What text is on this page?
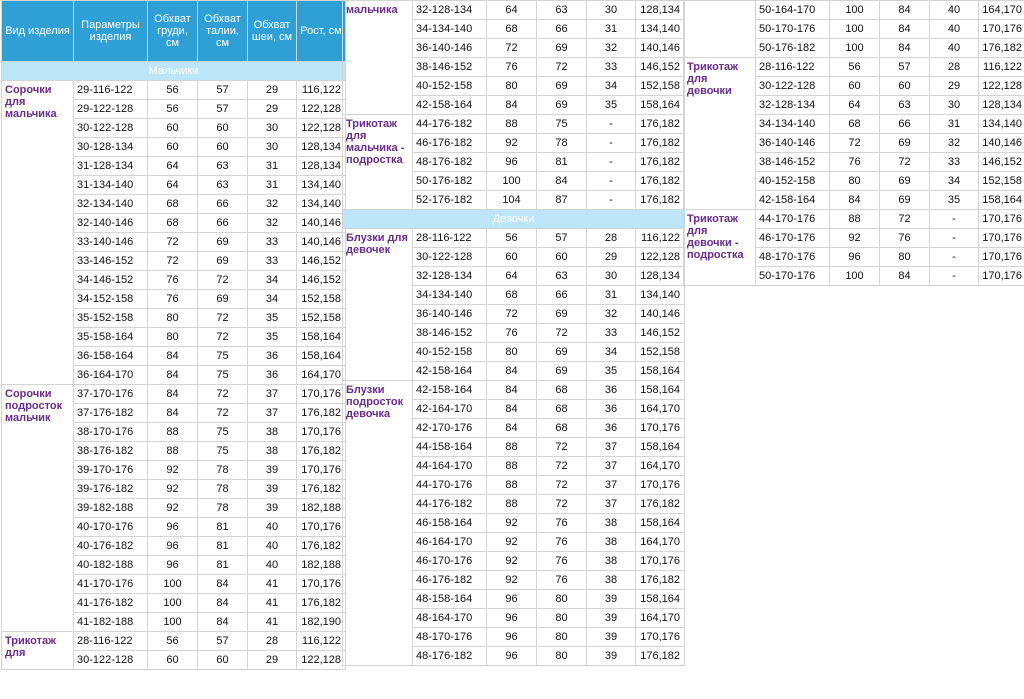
Вид изделия	Параметры изделия	Обхват груди, см	Обхват талии, см	Обхват шеи, см	Рост, см
Мальчики					
Сорочки для мальчика	29-116-122	56	57	29	116,122
	29-122-128	56	57	29	122,128
	30-122-128	60	60	30	122,128
	30-128-134	60	60	30	128,134
	31-128-134	64	63	31	128,134
	31-134-140	64	63	31	134,140
	32-134-140	68	66	32	134,140
	32-140-146	68	66	32	140,146
	33-140-146	72	69	33	140,146
	33-146-152	72	69	33	146,152
	34-146-152	76	72	34	146,152
	34-152-158	76	69	34	152,158
	35-152-158	80	72	35	152,158
	35-158-164	80	72	35	158,164
	36-158-164	84	75	36	158,164
	36-164-170	84	75	36	164,170
Сорочки подросток мальчик	37-170-176	84	72	37	170,176
	37-176-182	84	72	37	176,182
	38-170-176	88	75	38	170,176
	38-176-182	88	75	38	176,182
	39-170-176	92	78	39	170,176
	39-176-182	92	78	39	176,182
	39-182-188	92	78	39	182,188
	40-170-176	96	81	40	170,176
	40-176-182	96	81	40	176,182
	40-182-188	96	81	40	182,188
	41-170-176	100	84	41	170,176
	41-176-182	100	84	41	176,182
	41-182-188	100	84	41	182,190
Трикотаж для	28-116-122	56	57	28	116,122
	30-122-128	60	60	29	122,128
мальчика	32-128-134	64	63	30	128,134
	34-134-140	68	66	31	134,140
	36-140-146	72	69	32	140,146
	38-146-152	76	72	33	146,152
	40-152-158	80	69	34	152,158
	42-158-164	84	69	35	158,164
Трикотаж для мальчика - подростка	44-176-182	88	75	-	176,182
	46-176-182	92	78	-	176,182
	48-176-182	96	81	-	176,182
	50-176-182	100	84	-	176,182
	52-176-182	104	87	-	176,182
Девочки					
Блузки для девочек	28-116-122	56	57	28	116,122
	30-122-128	60	60	29	122,128
	32-128-134	64	63	30	128,134
	34-134-140	68	66	31	134,140
	36-140-146	72	69	32	140,146
	38-146-152	76	72	33	146,152
	40-152-158	80	69	34	152,158
	42-158-164	84	69	35	158,164
Блузки подросток девочка	42-158-164	84	68	36	158,164
	42-164-170	84	68	36	164,170
	42-170-176	84	68	36	170,176
	44-158-164	88	72	37	158,164
	44-164-170	88	72	37	164,170
	44-170-176	88	72	37	170,176
	44-176-182	88	72	37	176,182
	46-158-164	92	76	38	158,164
	46-164-170	92	76	38	164,170
	46-170-176	92	76	38	170,176
	46-176-182	92	76	38	176,182
	48-158-164	96	80	39	158,164
	48-164-170	96	80	39	164,170
	48-170-176	96	80	39	170,176
	48-176-182	96	80	39	176,182
	50-164-170	100	84	40	164,170
	50-170-176	100	84	40	170,176
	50-176-182	100	84	40	176,182
Трикотаж для девочки	28-116-122	56	57	28	116,122
	30-122-128	60	60	29	122,128
	32-128-134	64	63	30	128,134
	34-134-140	68	66	31	134,140
	36-140-146	72	69	32	140,146
	38-146-152	76	72	33	146,152
	40-152-158	80	69	34	152,158
	42-158-164	84	69	35	158,164
Трикотаж для девочки - подростка	44-170-176	88	72	-	170,176
	46-170-176	92	76	-	170,176
	48-170-176	96	80	-	170,176
	50-170-176	100	84	-	170,176
